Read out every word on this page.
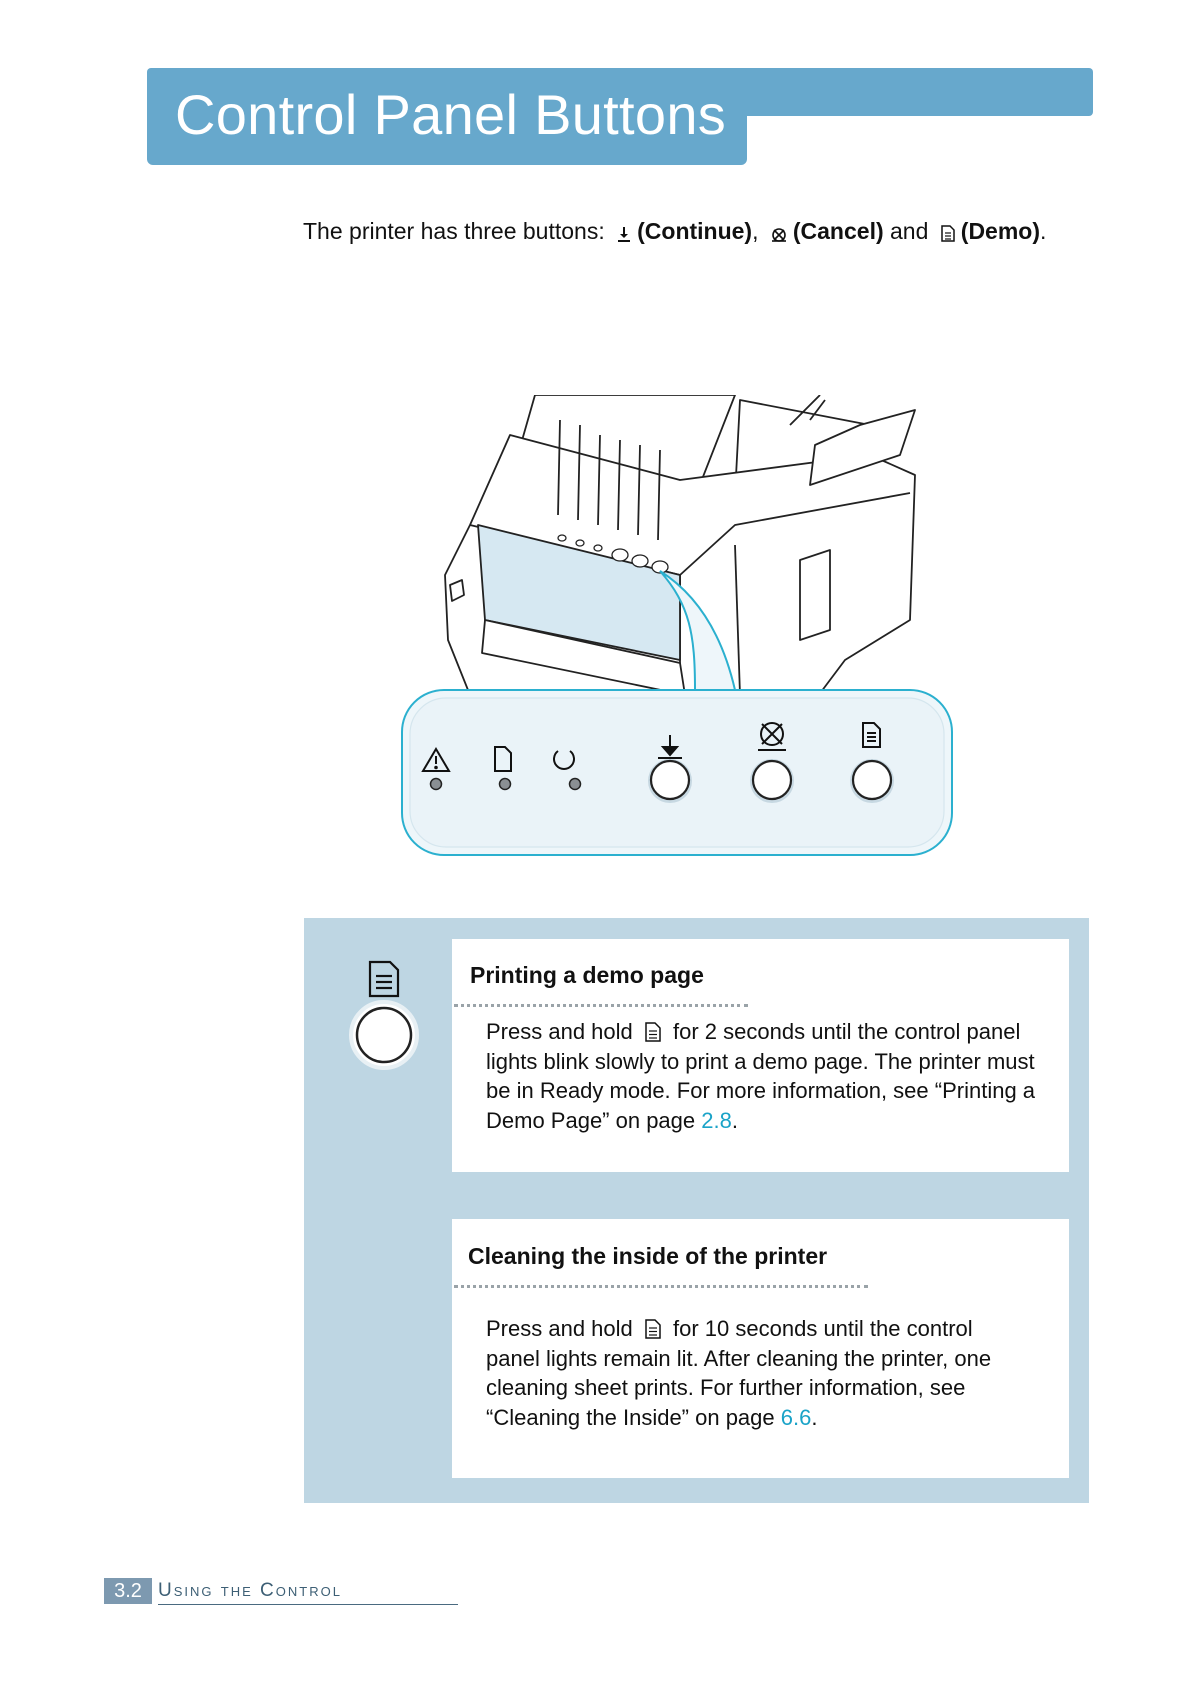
Control Panel Buttons
The printer has three buttons: (Continue), (Cancel) and (Demo).
Printing a demo page
Press and hold for 2 seconds until the control panel lights blink slowly to print a demo page. The printer must be in Ready mode. For more information, see “Printing a Demo Page” on page 2.8.
Cleaning the inside of the printer
Press and hold for 10 seconds until the control panel lights remain lit. After cleaning the printer, one cleaning sheet prints. For further information, see “Cleaning the Inside” on page 6.6.
3.2 Using the Control
